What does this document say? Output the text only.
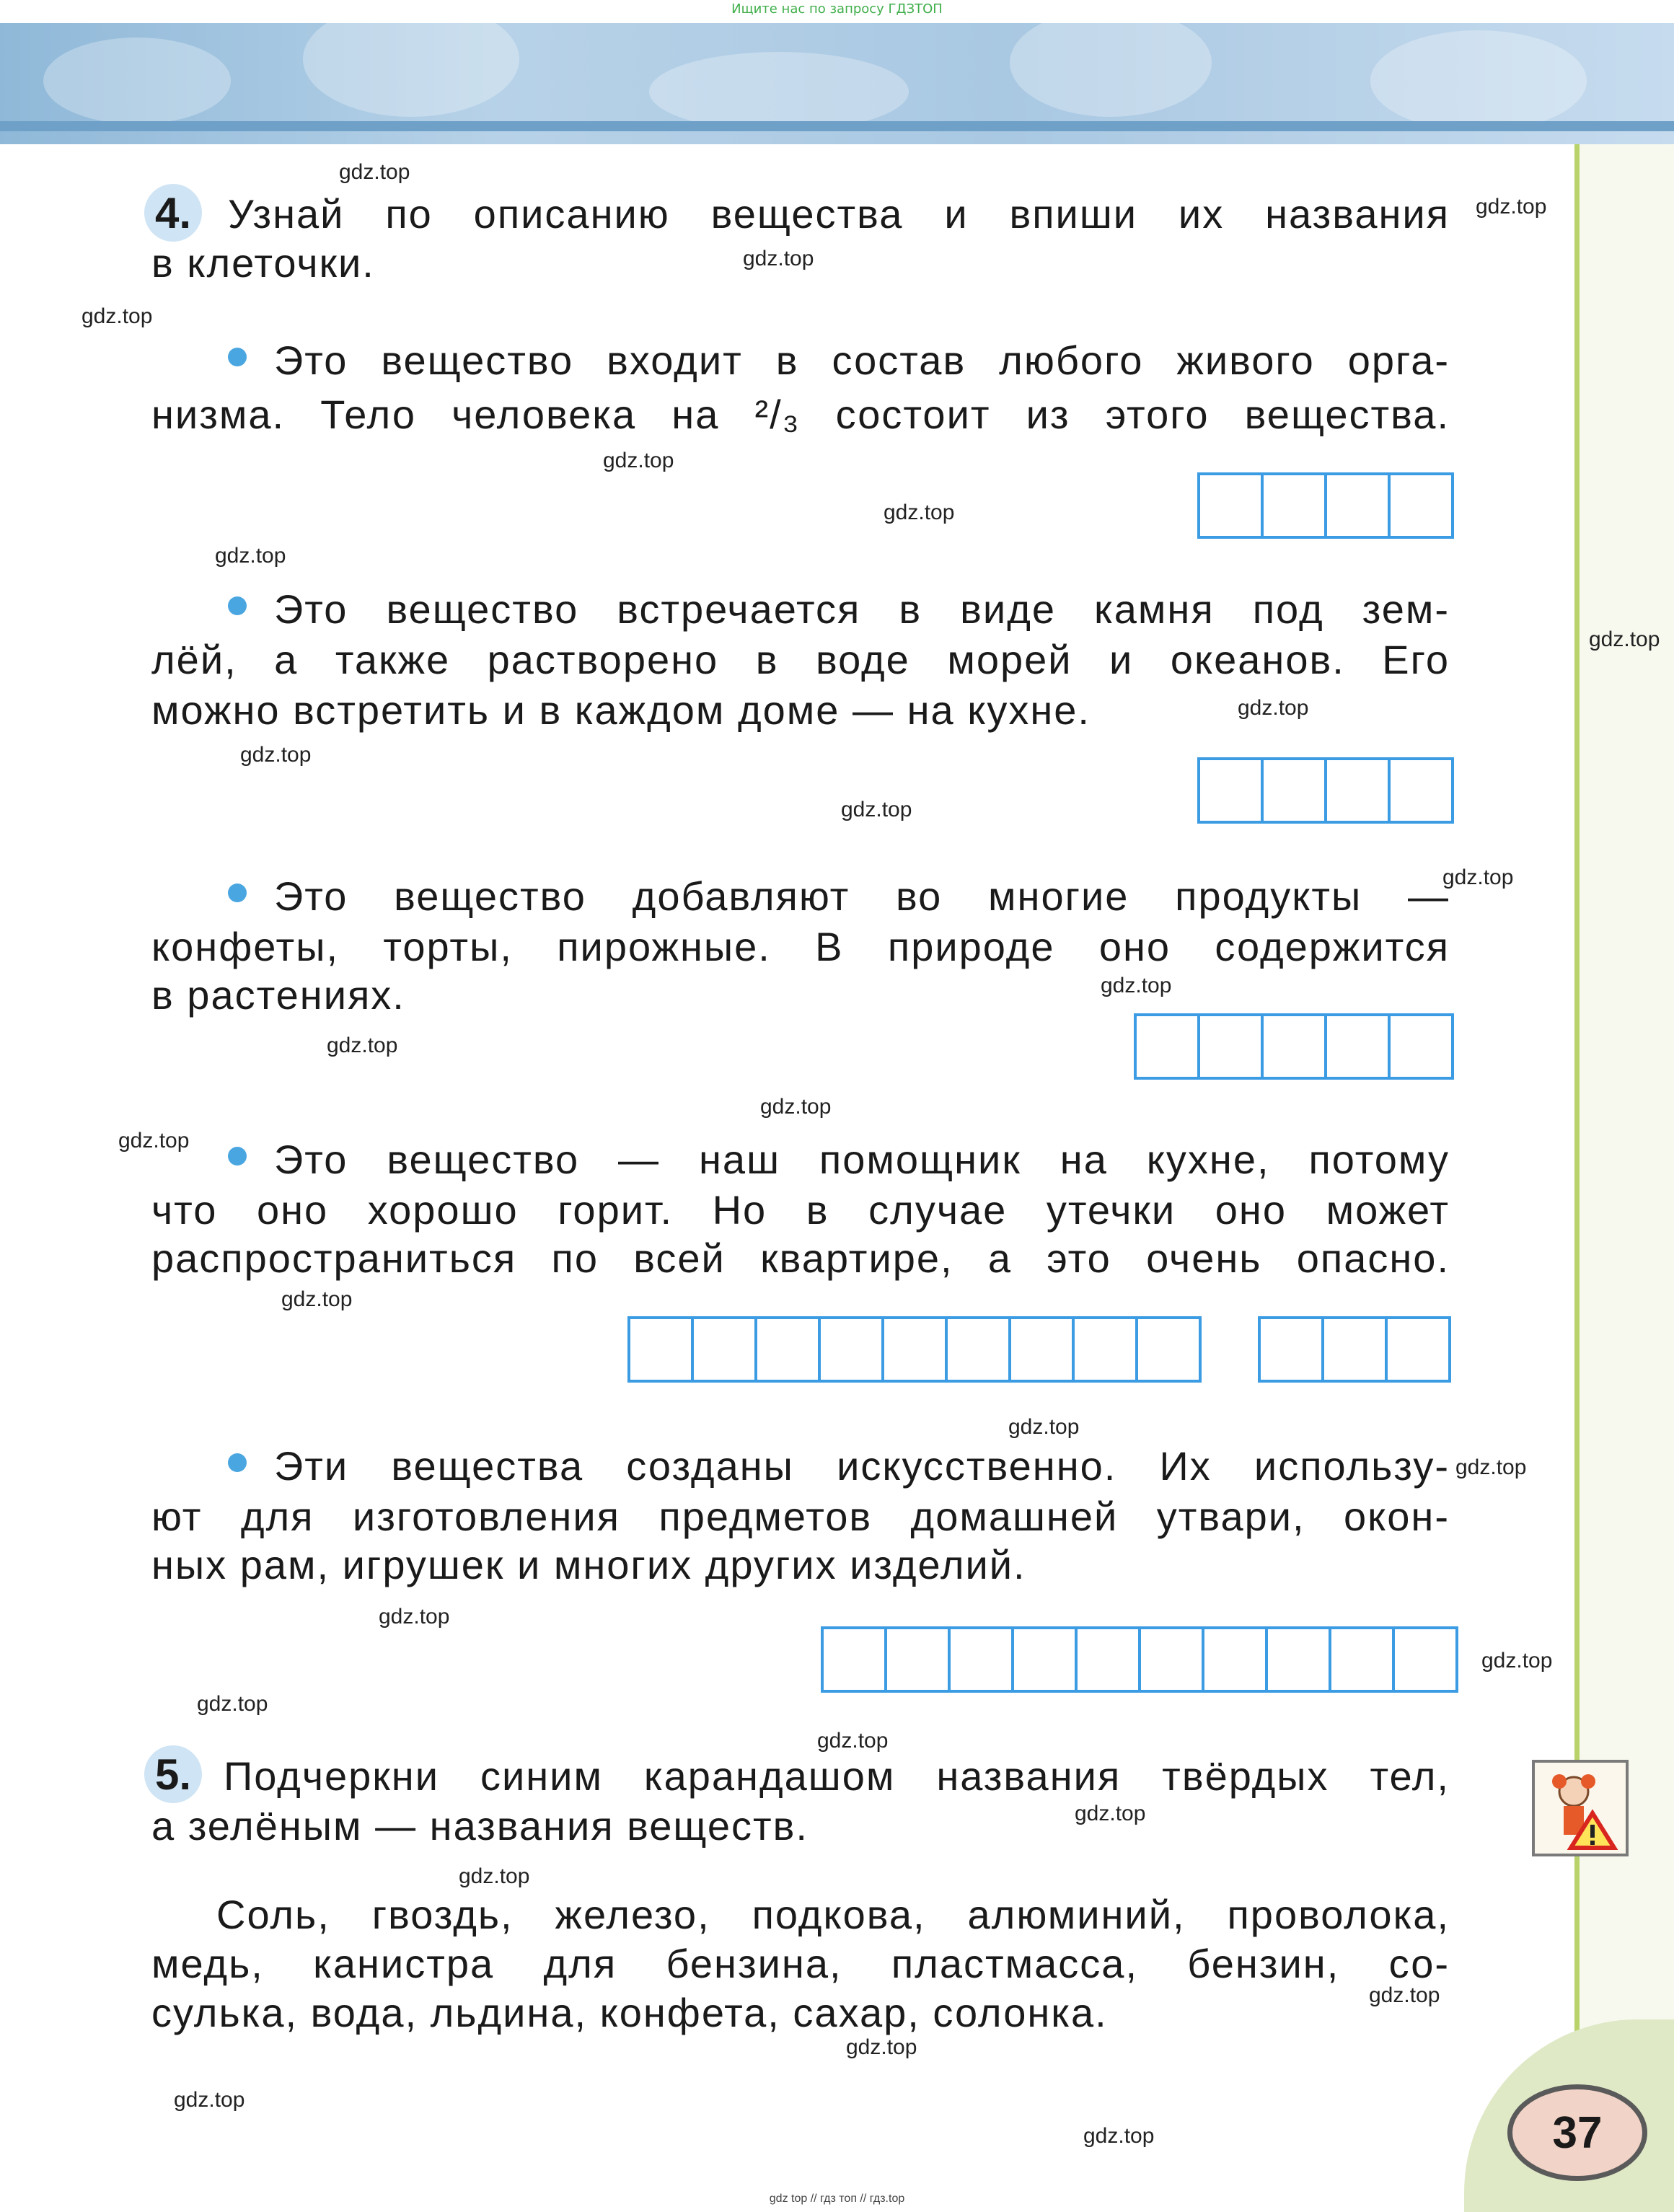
Ищите нас по запросу ГДЗТОП
37
4. Узнай по описанию вещества и впиши их названия
в клеточки.
Это вещество входит в состав любого живого орга-
низма. Тело человека на ²/₃ состоит из этого вещества.
Это вещество встречается в виде камня под зем-
лёй, а также растворено в воде морей и океанов. Его
можно встретить и в каждом доме — на кухне.
Это вещество добавляют во многие продукты —
конфеты, торты, пирожные. В природе оно содержится
в растениях.
Это вещество — наш помощник на кухне, потому
что оно хорошо горит. Но в случае утечки оно может
распространиться по всей квартире, а это очень опасно.
Эти вещества созданы искусственно. Их использу-
ют для изготовления предметов домашней утвари, окон-
ных рам, игрушек и многих других изделий.
5. Подчеркни синим карандашом названия твёрдых тел,
а зелёным — названия веществ.
Соль, гвоздь, железо, подкова, алюминий, проволока,
медь, канистра для бензина, пластмасса, бензин, со-
сулька, вода, льдина, конфета, сахар, солонка.
gdz.top
gdz.top
gdz.top
gdz.top
gdz.top
gdz.top
gdz.top
gdz.top
gdz.top
gdz.top
gdz.top
gdz.top
gdz.top
gdz.top
gdz.top
gdz.top
gdz.top
gdz.top
gdz.top
gdz.top
gdz.top
gdz.top
gdz.top
gdz.top
gdz.top
gdz.top
gdz.top
gdz.top
gdz.top
gdz top // гдз топ // гдз.top
